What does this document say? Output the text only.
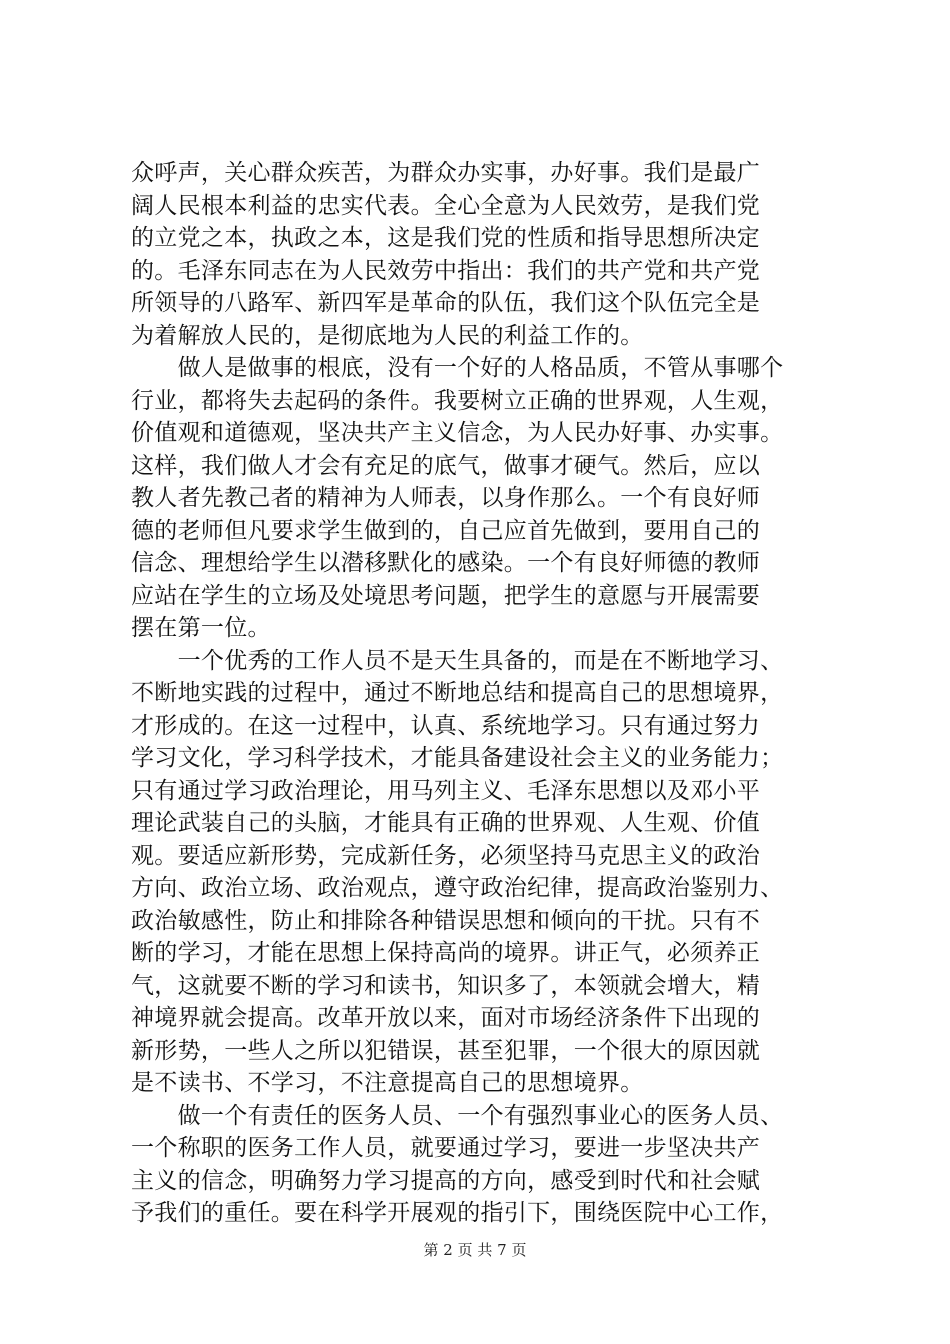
众呼声，关心群众疾苦，为群众办实事，办好事。我们是最广
阔人民根本利益的忠实代表。全心全意为人民效劳，是我们党
的立党之本，执政之本，这是我们党的性质和指导思想所决定
的。毛泽东同志在为人民效劳中指出：我们的共产党和共产党
所领导的八路军、新四军是革命的队伍，我们这个队伍完全是
为着解放人民的，是彻底地为人民的利益工作的。
　　做人是做事的根底，没有一个好的人格品质，不管从事哪个
行业，都将失去起码的条件。我要树立正确的世界观，人生观，
价值观和道德观，坚决共产主义信念，为人民办好事、办实事。
这样，我们做人才会有充足的底气，做事才硬气。然后，应以
教人者先教己者的精神为人师表，以身作那么。一个有良好师
德的老师但凡要求学生做到的，自己应首先做到，要用自己的
信念、理想给学生以潜移默化的感染。一个有良好师德的教师
应站在学生的立场及处境思考问题，把学生的意愿与开展需要
摆在第一位。
　　一个优秀的工作人员不是天生具备的，而是在不断地学习、
不断地实践的过程中，通过不断地总结和提高自己的思想境界，
才形成的。在这一过程中，认真、系统地学习。只有通过努力
学习文化，学习科学技术，才能具备建设社会主义的业务能力；
只有通过学习政治理论，用马列主义、毛泽东思想以及邓小平
理论武装自己的头脑，才能具有正确的世界观、人生观、价值
观。要适应新形势，完成新任务，必须坚持马克思主义的政治
方向、政治立场、政治观点，遵守政治纪律，提高政治鉴别力、
政治敏感性，防止和排除各种错误思想和倾向的干扰。只有不
断的学习，才能在思想上保持高尚的境界。讲正气，必须养正
气，这就要不断的学习和读书，知识多了，本领就会增大，精
神境界就会提高。改革开放以来，面对市场经济条件下出现的
新形势，一些人之所以犯错误，甚至犯罪，一个很大的原因就
是不读书、不学习，不注意提高自己的思想境界。
　　做一个有责任的医务人员、一个有强烈事业心的医务人员、
一个称职的医务工作人员，就要通过学习，要进一步坚决共产
主义的信念，明确努力学习提高的方向，感受到时代和社会赋
予我们的重任。要在科学开展观的指引下，围绕医院中心工作，
第 2 页 共 7 页
